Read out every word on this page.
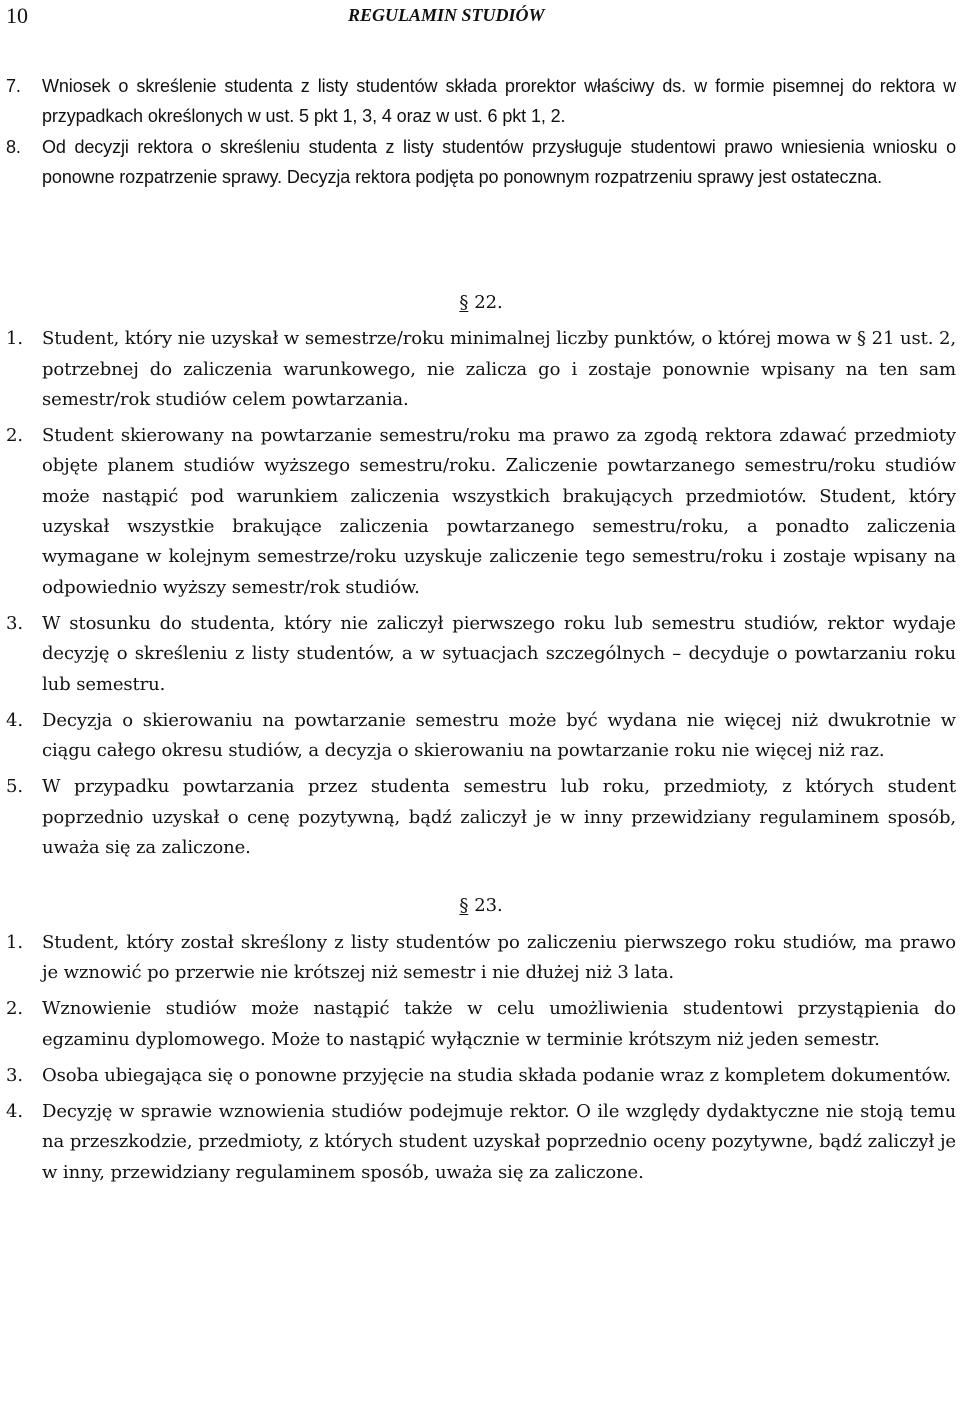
10	REGULAMIN STUDIÓW
7.	Wniosek o skreślenie studenta z listy studentów składa prorektor właściwy ds. w formie pisemnej do rektora w przypadkach określonych w ust. 5 pkt 1, 3, 4 oraz w ust. 6 pkt 1, 2.
8.	Od decyzji rektora o skreśleniu studenta z listy studentów przysługuje studentowi prawo wniesienia wniosku o ponowne rozpatrzenie sprawy. Decyzja rektora podjęta po ponownym rozpatrzeniu sprawy jest ostateczna.
§ 22.
1.	Student, który nie uzyskał w semestrze/roku minimalnej liczby punktów, o której mowa w § 21 ust. 2, potrzebnej do zaliczenia warunkowego, nie zalicza go i zostaje ponownie wpisany na ten sam semestr/rok studiów celem powtarzania.
2.	Student skierowany na powtarzanie semestru/roku ma prawo za zgodą rektora zdawać przedmioty objęte planem studiów wyższego semestru/roku. Zaliczenie powtarzanego semestru/roku studiów może nastąpić pod warunkiem zaliczenia wszystkich brakujących przedmiotów. Student, który uzyskał wszystkie brakujące zaliczenia powtarzanego semestru/roku, a ponadto zaliczenia wymagane w kolejnym semestrze/roku uzyskuje zaliczenie tego semestru/roku i zostaje wpisany na odpowiednio wyższy semestr/rok studiów.
3.	W stosunku do studenta, który nie zaliczył pierwszego roku lub semestru studiów, rektor wydaje decyzję o skreśleniu z listy studentów, a w sytuacjach szczególnych – decyduje o powtarzaniu roku lub semestru.
4.	Decyzja o skierowaniu na powtarzanie semestru może być wydana nie więcej niż dwukrotnie w ciągu całego okresu studiów, a decyzja o skierowaniu na powtarzanie roku nie więcej niż raz.
5.	W przypadku powtarzania przez studenta semestru lub roku, przedmioty, z których student poprzednio uzyskał o cenę pozytywną, bądź zaliczył je w inny przewidziany regulaminem sposób, uważa się za zaliczone.
§ 23.
1.	Student, który został skreślony z listy studentów po zaliczeniu pierwszego roku studiów, ma prawo je wznowić po przerwie nie krótszej niż semestr i nie dłużej niż 3 lata.
2.	Wznowienie studiów może nastąpić także w celu umożliwienia studentowi przystąpienia do egzaminu dyplomowego. Może to nastąpić wyłącznie w terminie krótszym niż jeden semestr.
3.	Osoba ubiegająca się o ponowne przyjęcie na studia składa podanie wraz z kompletem dokumentów.
4.	Decyzję w sprawie wznowienia studiów podejmuje rektor. O ile względy dydaktyczne nie stoją temu na przeszkodzie, przedmioty, z których student uzyskał poprzednio oceny pozytywne, bądź zaliczył je w inny, przewidziany regulaminem sposób, uważa się za zaliczone.
